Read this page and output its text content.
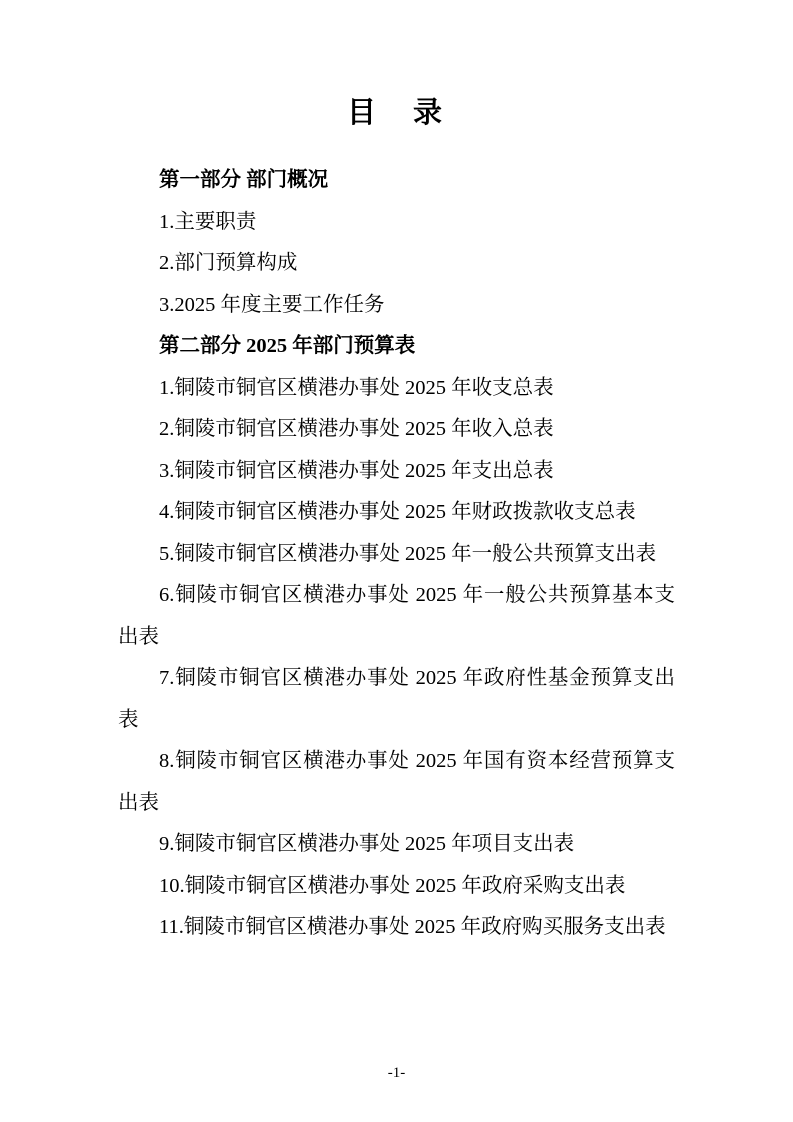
目　录

第一部分 部门概况

1.主要职责

2.部门预算构成

3.2025 年度主要工作任务

第二部分 2025 年部门预算表

1.铜陵市铜官区横港办事处 2025 年收支总表

2.铜陵市铜官区横港办事处 2025 年收入总表

3.铜陵市铜官区横港办事处 2025 年支出总表

4.铜陵市铜官区横港办事处 2025 年财政拨款收支总表

5.铜陵市铜官区横港办事处 2025 年一般公共预算支出表

6.铜陵市铜官区横港办事处 2025 年一般公共预算基本支出表

7.铜陵市铜官区横港办事处 2025 年政府性基金预算支出表

8.铜陵市铜官区横港办事处 2025 年国有资本经营预算支出表

9.铜陵市铜官区横港办事处 2025 年项目支出表

10.铜陵市铜官区横港办事处 2025 年政府采购支出表

11.铜陵市铜官区横港办事处 2025 年政府购买服务支出表

-1-
